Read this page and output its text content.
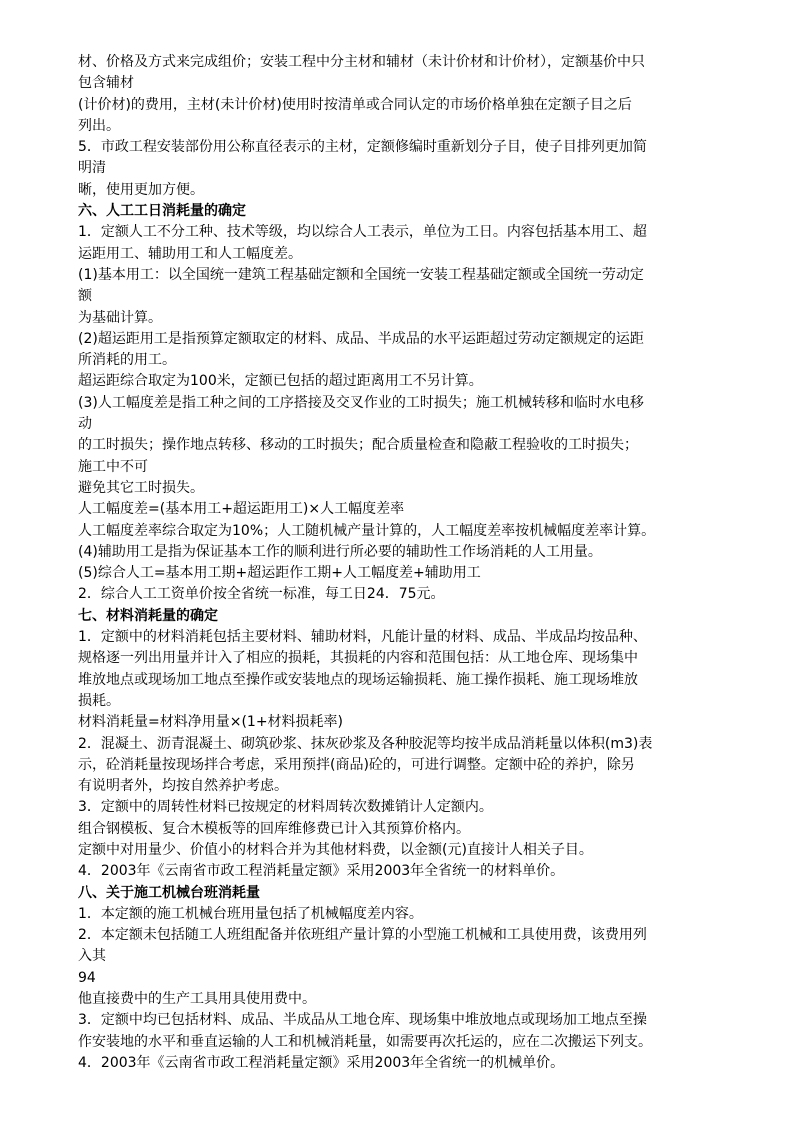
材、价格及方式来完成组价；安装工程中分主材和辅材（未计价材和计价材），定额基价中只
包含辅材
(计价材)的费用，主材(未计价材)使用时按清单或合同认定的市场价格单独在定额子目之后
列出。
5．市政工程安装部份用公称直径表示的主材，定额修编时重新划分子目，使子目排列更加简
明清
晰，使用更加方便。
六、人工工日消耗量的确定
1．定额人工不分工种、技术等级，均以综合人工表示，单位为工日。内容包括基本用工、超
运距用工、辅助用工和人工幅度差。
(1)基本用工：以全国统一建筑工程基础定额和全国统一安装工程基础定额或全国统一劳动定
额
为基础计算。
(2)超运距用工是指预算定额取定的材料、成品、半成品的水平运距超过劳动定额规定的运距
所消耗的用工。
超运距综合取定为100米，定额已包括的超过距离用工不另计算。
(3)人工幅度差是指工种之间的工序搭接及交叉作业的工时损失；施工机械转移和临时水电移
动
的工时损失；操作地点转移、移动的工时损失；配合质量检查和隐蔽工程验收的工时损失；
施工中不可
避免其它工时损失。
人工幅度差=(基本用工+超运距用工)×人工幅度差率
人工幅度差率综合取定为10%；人工随机械产量计算的，人工幅度差率按机械幅度差率计算。
(4)辅助用工是指为保证基本工作的顺利进行所必要的辅助性工作场消耗的人工用量。
(5)综合人工=基本用工期+超运距作工期+人工幅度差+辅助用工
2．综合人工工资单价按全省统一标准，每工日24．75元。
七、材料消耗量的确定
1．定额中的材料消耗包括主要材料、辅助材料，凡能计量的材料、成品、半成品均按品种、
规格逐一列出用量并计入了相应的损耗，其损耗的内容和范围包括：从工地仓库、现场集中
堆放地点或现场加工地点至操作或安装地点的现场运输损耗、施工操作损耗、施工现场堆放
损耗。
材料消耗量=材料净用量×(1+材料损耗率)
2．混凝土、沥青混凝土、砌筑砂浆、抹灰砂浆及各种胶泥等均按半成品消耗量以体积(m3)表
示，砼消耗量按现场拌合考虑，采用预拌(商品)砼的，可进行调整。定额中砼的养护，除另
有说明者外，均按自然养护考虑。
3．定额中的周转性材料已按规定的材料周转次数摊销计人定额内。
组合钢模板、复合木模板等的回库维修费已计入其预算价格内。
定额中对用量少、价值小的材料合并为其他材料费，以金额(元)直接计人相关子目。
4．2003年《云南省市政工程消耗量定额》采用2003年全省统一的材料单价。
八、关于施工机械台班消耗量
1．本定额的施工机械台班用量包括了机械幅度差内容。
2．本定额未包括随工人班组配备并依班组产量计算的小型施工机械和工具使用费，该费用列
入其
94
他直接费中的生产工具用具使用费中。
3．定额中均已包括材料、成品、半成品从工地仓库、现场集中堆放地点或现场加工地点至操
作安装地的水平和垂直运输的人工和机械消耗量，如需要再次托运的，应在二次搬运下列支。
4．2003年《云南省市政工程消耗量定额》采用2003年全省统一的机械单价。
